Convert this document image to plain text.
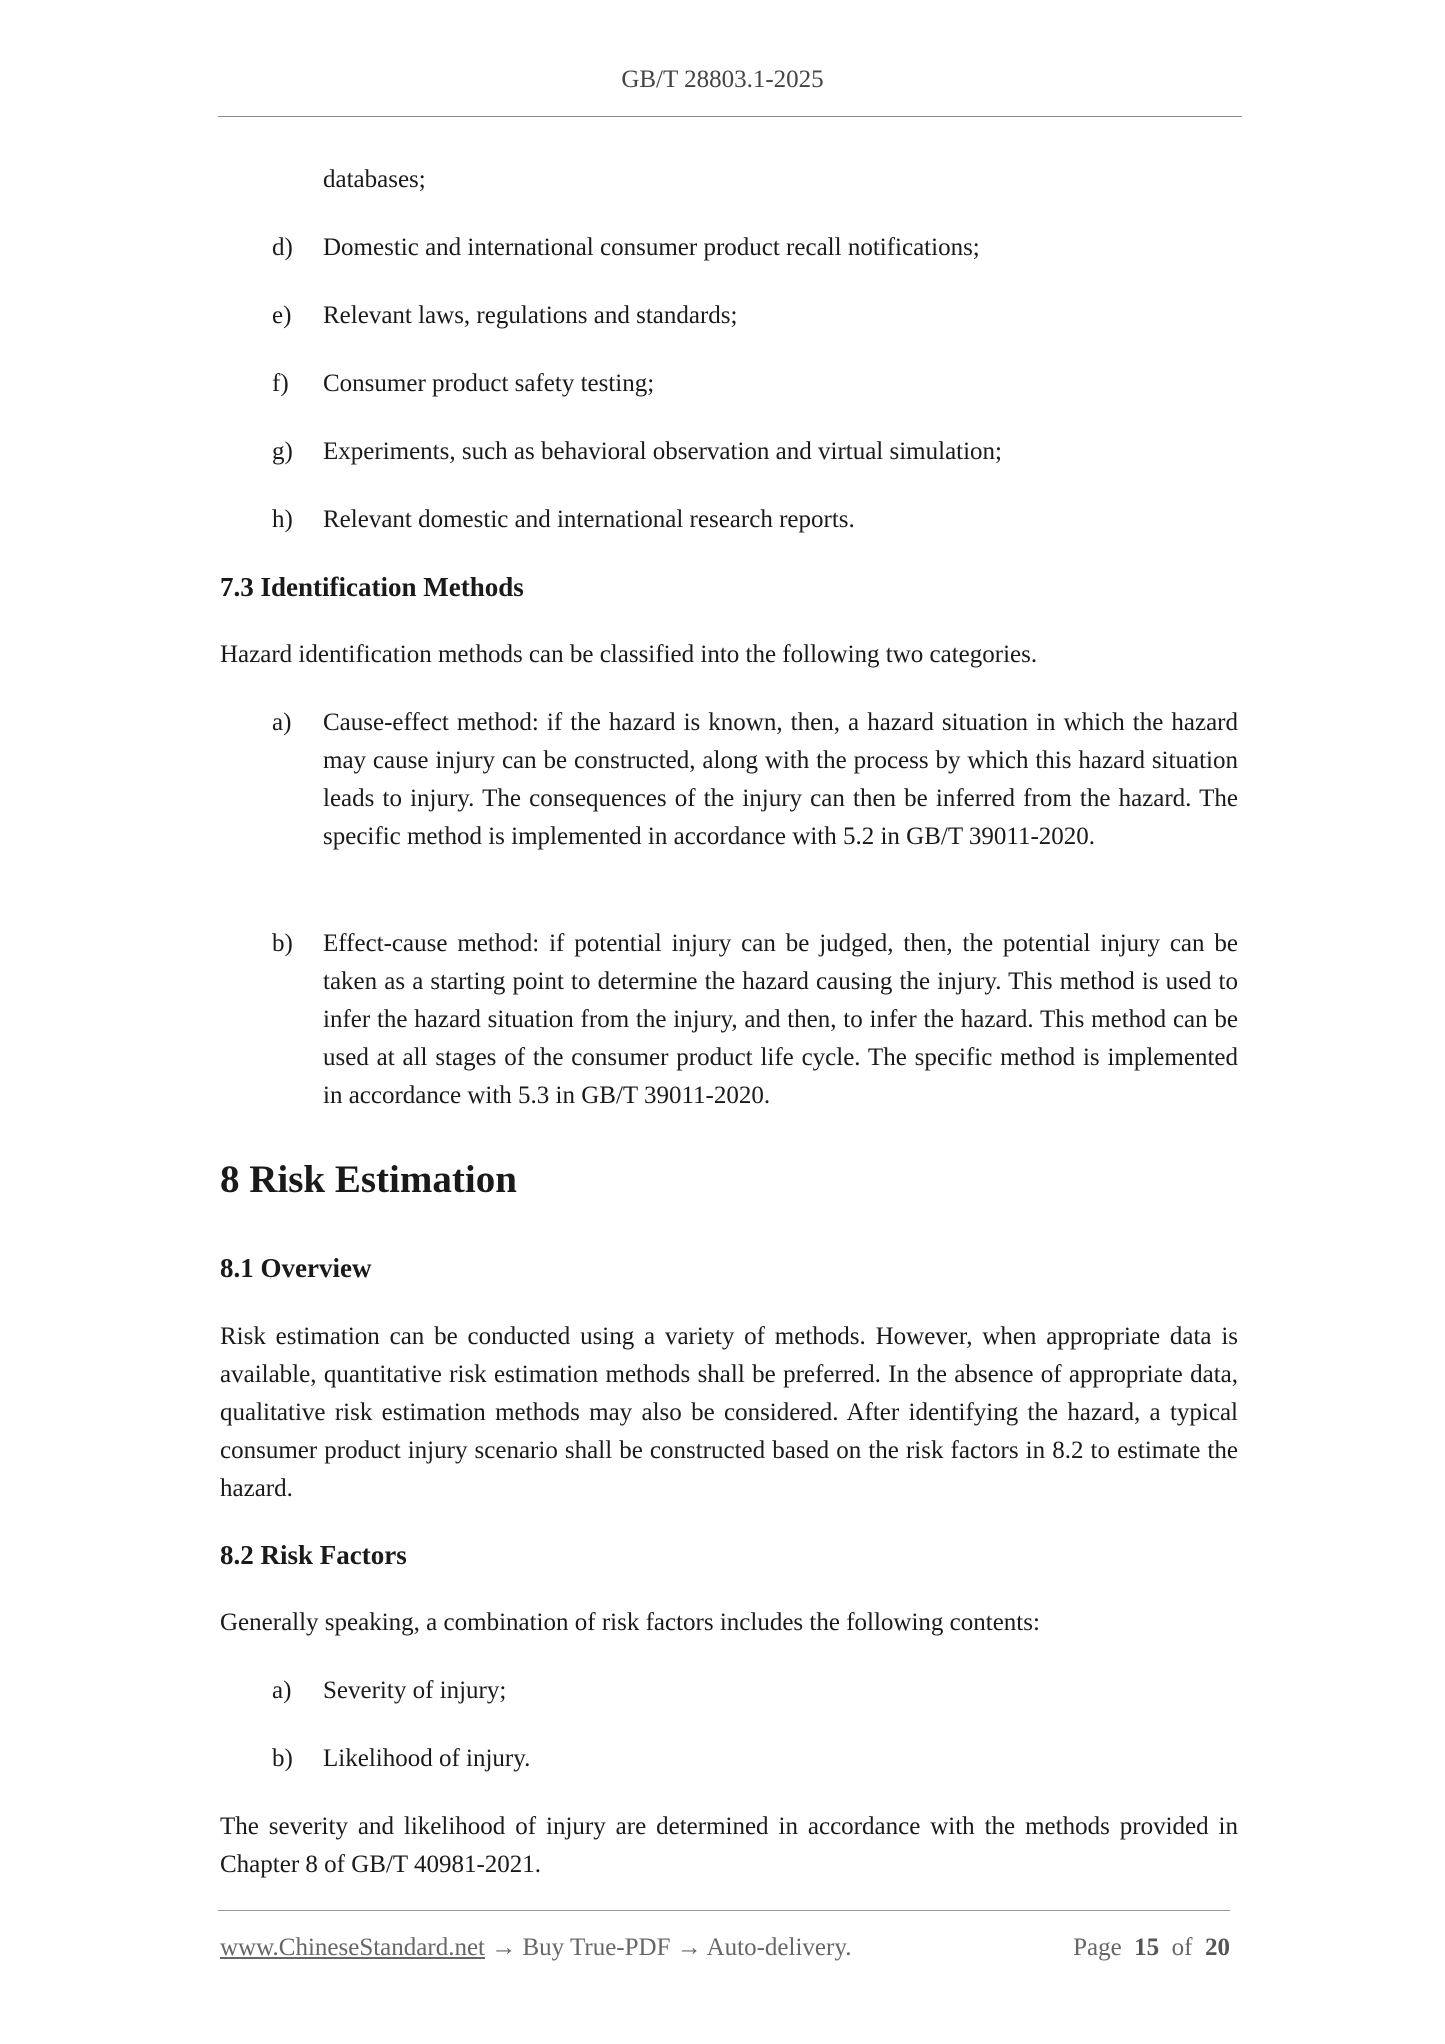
GB/T 28803.1-2025
databases;
d) Domestic and international consumer product recall notifications;
e) Relevant laws, regulations and standards;
f) Consumer product safety testing;
g) Experiments, such as behavioral observation and virtual simulation;
h) Relevant domestic and international research reports.
7.3 Identification Methods
Hazard identification methods can be classified into the following two categories.
a) Cause-effect method: if the hazard is known, then, a hazard situation in which the hazard may cause injury can be constructed, along with the process by which this hazard situation leads to injury. The consequences of the injury can then be inferred from the hazard. The specific method is implemented in accordance with 5.2 in GB/T 39011-2020.
b) Effect-cause method: if potential injury can be judged, then, the potential injury can be taken as a starting point to determine the hazard causing the injury. This method is used to infer the hazard situation from the injury, and then, to infer the hazard. This method can be used at all stages of the consumer product life cycle. The specific method is implemented in accordance with 5.3 in GB/T 39011-2020.
8 Risk Estimation
8.1 Overview
Risk estimation can be conducted using a variety of methods. However, when appropriate data is available, quantitative risk estimation methods shall be preferred. In the absence of appropriate data, qualitative risk estimation methods may also be considered. After identifying the hazard, a typical consumer product injury scenario shall be constructed based on the risk factors in 8.2 to estimate the hazard.
8.2 Risk Factors
Generally speaking, a combination of risk factors includes the following contents:
a) Severity of injury;
b) Likelihood of injury.
The severity and likelihood of injury are determined in accordance with the methods provided in Chapter 8 of GB/T 40981-2021.
www.ChineseStandard.net → Buy True-PDF → Auto-delivery.	Page 15 of 20
